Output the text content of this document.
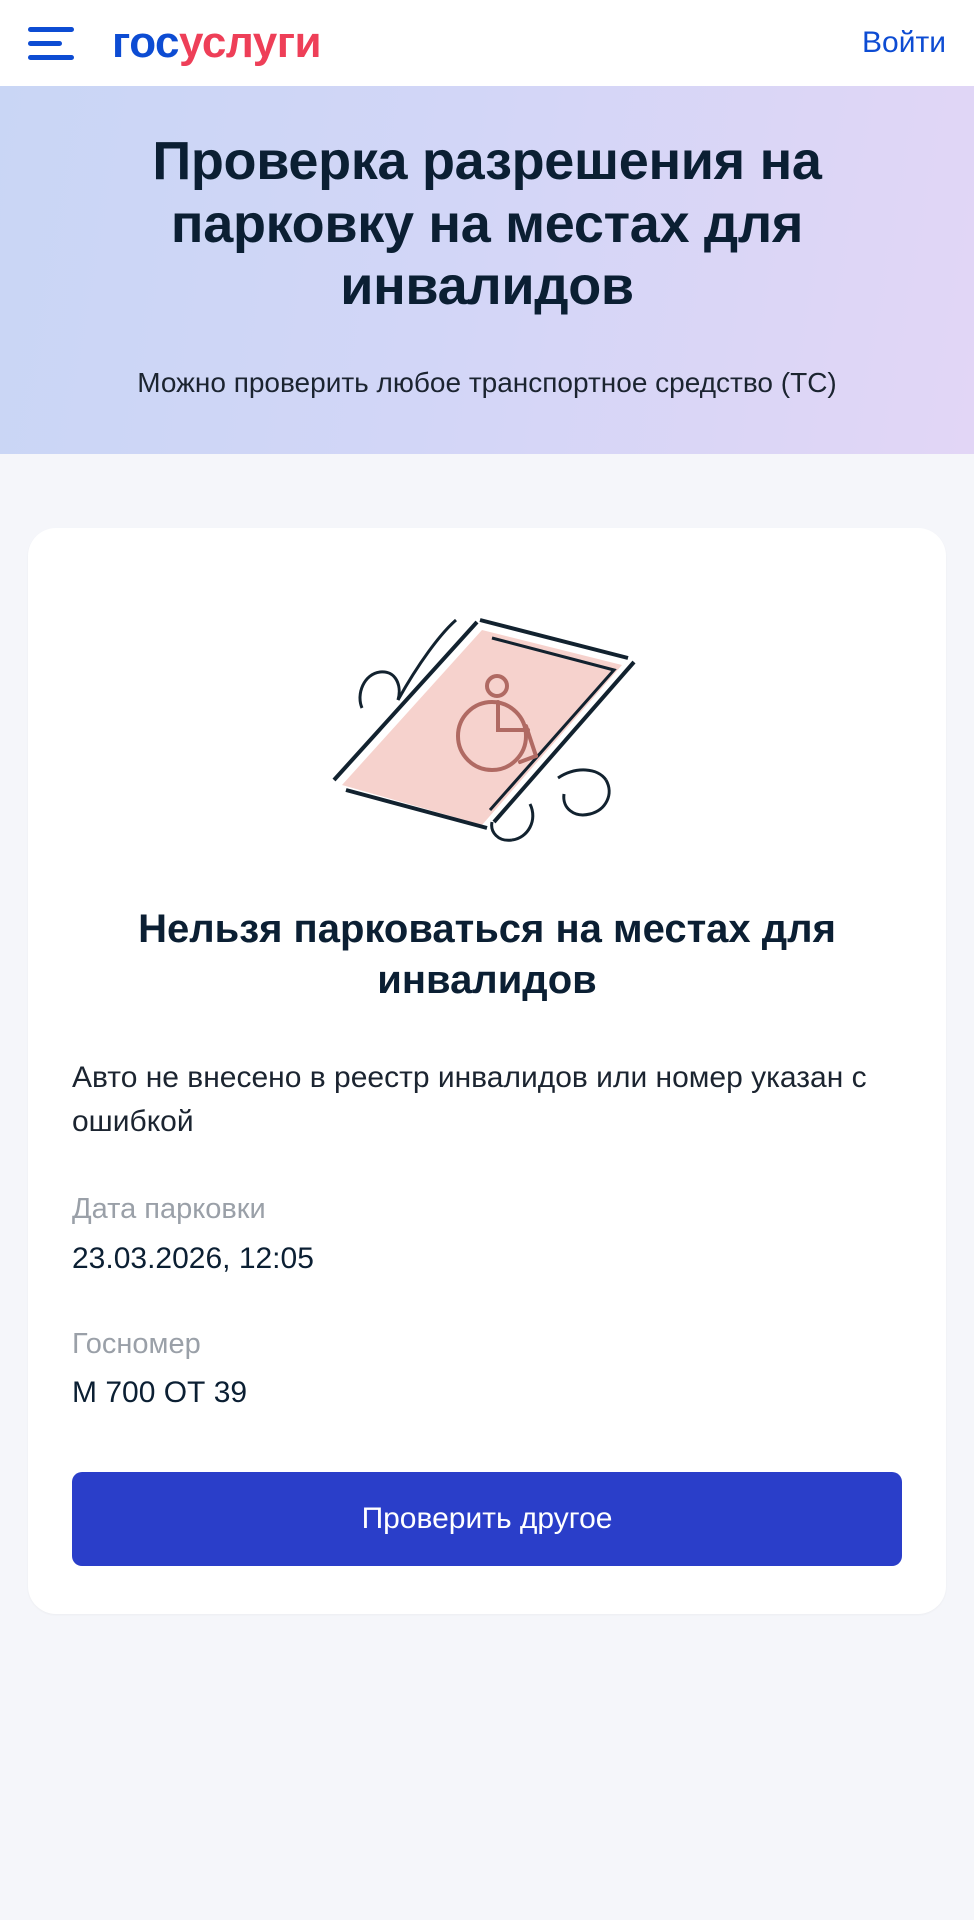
госуслуги	Войти
Проверка разрешения на парковку на местах для инвалидов

Можно проверить любое транспортное средство (ТС)

Нельзя парковаться на местах для инвалидов

Авто не внесено в реестр инвалидов или номер указан с ошибкой

Дата парковки
23.03.2026, 12:05
Госномер
М 700 ОТ 39
Проверить другое
